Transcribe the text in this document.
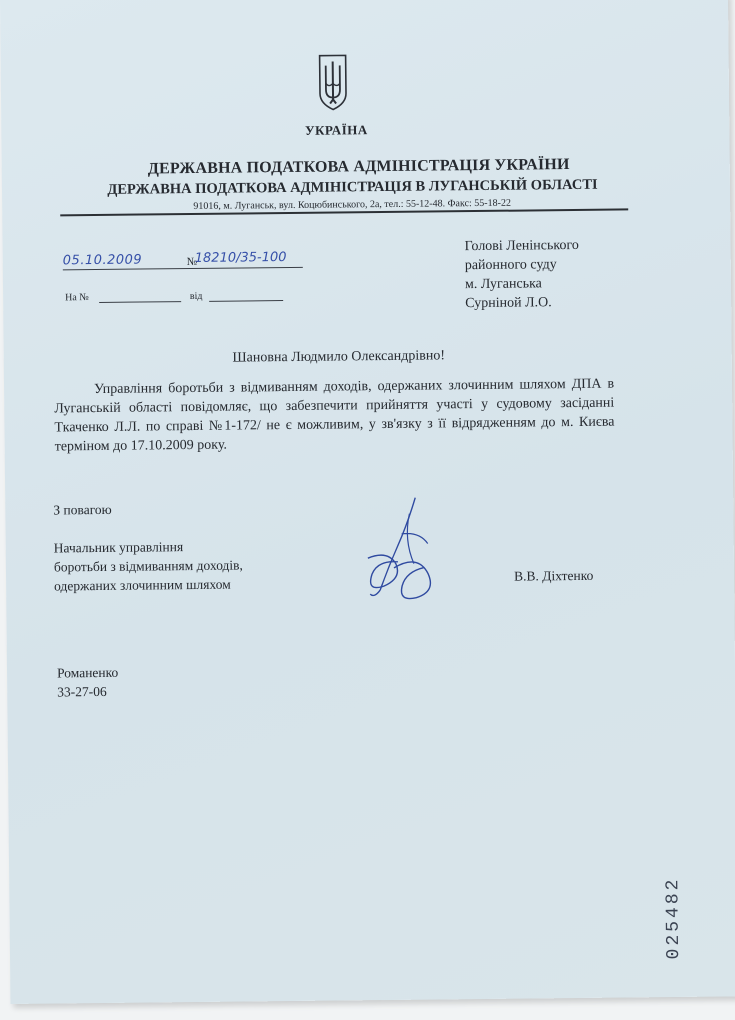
УКРАЇНА
ДЕРЖАВНА ПОДАТКОВА АДМІНІСТРАЦІЯ УКРАЇНИ
ДЕРЖАВНА ПОДАТКОВА АДМІНІСТРАЦІЯ В ЛУГАНСЬКІЙ ОБЛАСТІ
91016, м. Луганськ, вул. Коцюбинського, 2а, тел.: 55-12-48. Факс: 55-18-22
05.10.2009	№
18210/35-100
На №	від
Голові Ленінського
районного суду
м. Луганська
Сурніной Л.О.
Шановна Людмило Олександрівно!
Управління боротьби з відмиванням доходів, одержаних злочинним шляхом ДПА в Луганській області повідомляє, що забезпечити прийняття участі у судовому засіданні Ткаченко Л.Л. по справі №1-172/ не є можливим, у зв'язку з її відрядженням до м. Києва терміном до 17.10.2009 року.
З повагою
Начальник управління
боротьби з відмиванням доходів,
одержаних злочинним шляхом
В.В. Діхтенко
Романенко
33-27-06
025482
